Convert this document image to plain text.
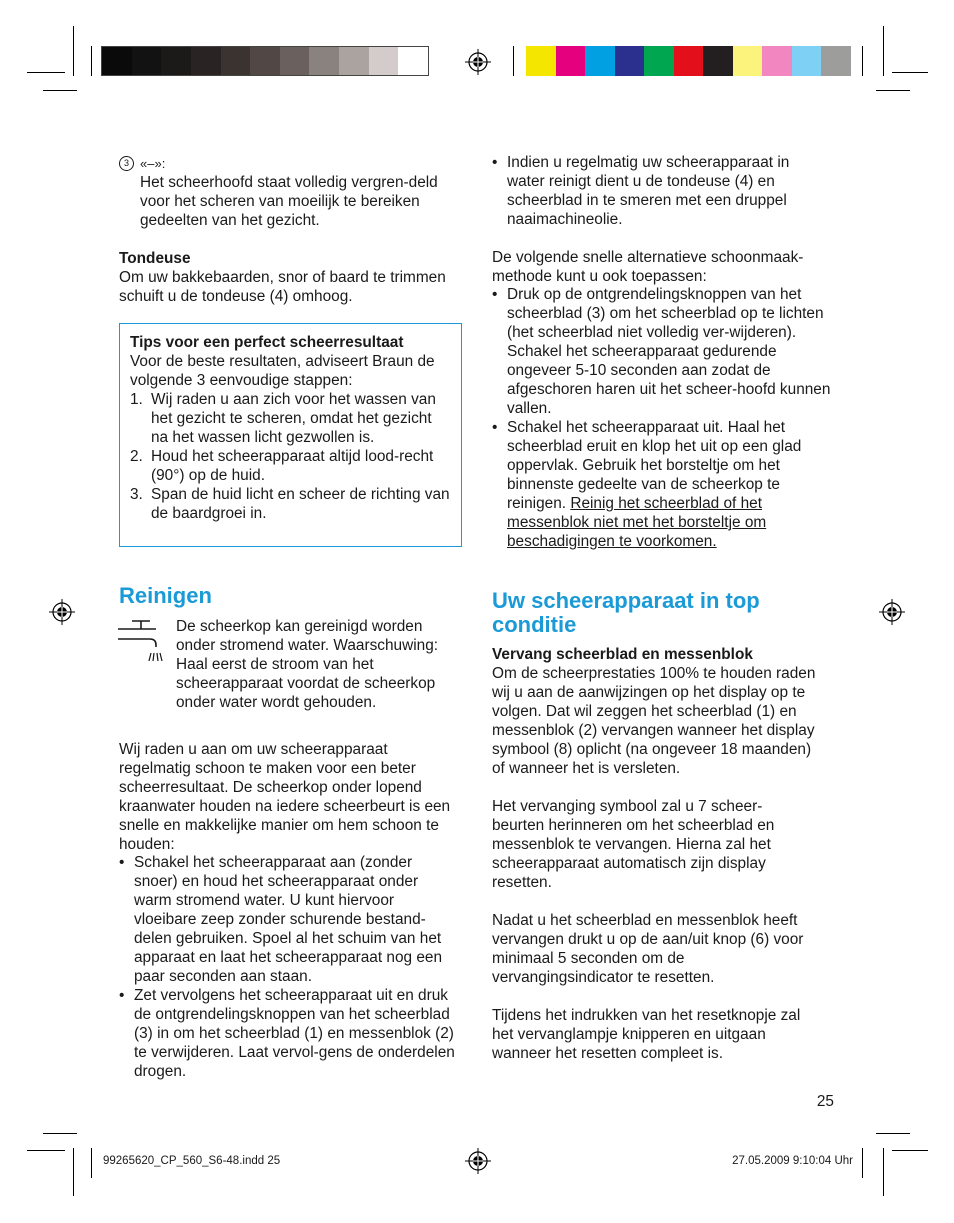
3 «–»:

Het scheerhoofd staat volledig vergren-deld voor het scheren van moeilijk te bereiken gedeelten van het gezicht.

Tondeuse

Om uw bakkebaarden, snor of baard te trimmen schuift u de tondeuse (4) omhoog.

Tips voor een perfect scheerresultaat

Voor de beste resultaten, adviseert Braun de volgende 3 eenvoudige stappen:

1. Wij raden u aan zich voor het wassen van het gezicht te scheren, omdat het gezicht na het wassen licht gezwollen is.
2. Houd het scheerapparaat altijd lood-recht (90°) op de huid.
3. Span de huid licht en scheer de richting van de baardgroei in.
Reinigen

De scheerkop kan gereinigd worden onder stromend water. Waarschuwing: Haal eerst de stroom van het scheerapparaat voordat de scheerkop onder water wordt gehouden.

Wij raden u aan om uw scheerapparaat regelmatig schoon te maken voor een beter scheerresultaat. De scheerkop onder lopend kraanwater houden na iedere scheerbeurt is een snelle en makkelijke manier om hem schoon te houden:

• Schakel het scheerapparaat aan (zonder snoer) en houd het scheerapparaat onder warm stromend water. U kunt hiervoor vloeibare zeep zonder schurende bestand-delen gebruiken. Spoel al het schuim van het apparaat en laat het scheerapparaat nog een paar seconden aan staan.
• Zet vervolgens het scheerapparaat uit en druk de ontgrendelingsknoppen van het scheerblad (3) in om het scheerblad (1) en messenblok (2) te verwijderen. Laat vervol-gens de onderdelen drogen.
• Indien u regelmatig uw scheerapparaat in water reinigt dient u de tondeuse (4) en scheerblad in te smeren met een druppel naaimachineolie.

De volgende snelle alternatieve schoonmaak-methode kunt u ook toepassen:

• Druk op de ontgrendelingsknoppen van het scheerblad (3) om het scheerblad op te lichten (het scheerblad niet volledig ver-wijderen). Schakel het scheerapparaat gedurende ongeveer 5-10 seconden aan zodat de afgeschoren haren uit het scheer-hoofd kunnen vallen.
• Schakel het scheerapparaat uit. Haal het scheerblad eruit en klop het uit op een glad oppervlak. Gebruik het borsteltje om het binnenste gedeelte van de scheerkop te reinigen. Reinig het scheerblad of het messenblok niet met het borsteltje om beschadigingen te voorkomen.
Uw scheerapparaat in top conditie

Vervang scheerblad en messenblok

Om de scheerprestaties 100% te houden raden wij u aan de aanwijzingen op het display op te volgen. Dat wil zeggen het scheerblad (1) en messenblok (2) vervangen wanneer het display symbool (8) oplicht (na ongeveer 18 maanden) of wanneer het is versleten.

Het vervanging symbool zal u 7 scheer-beurten herinneren om het scheerblad en messenblok te vervangen. Hierna zal het scheerapparaat automatisch zijn display resetten.

Nadat u het scheerblad en messenblok heeft vervangen drukt u op de aan/uit knop (6) voor minimaal 5 seconden om de vervangingsindicator te resetten.

Tijdens het indrukken van het resetknopje zal het vervanglampje knipperen en uitgaan wanneer het resetten compleet is.

25

99265620_CP_560_S6-48.indd 25	27.05.2009 9:10:04 Uhr
